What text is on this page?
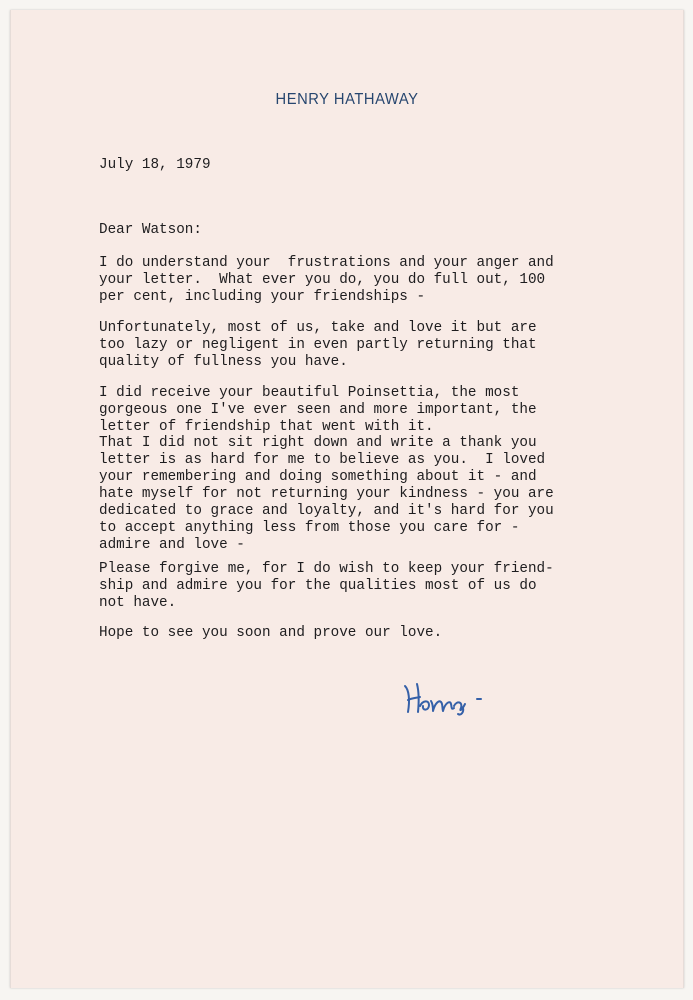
HENRY HATHAWAY

July 18, 1979

Dear Watson:

I do understand your  frustrations and your anger and
your letter.  What ever you do, you do full out, 100
per cent, including your friendships -

Unfortunately, most of us, take and love it but are
too lazy or negligent in even partly returning that
quality of fullness you have.

I did receive your beautiful Poinsettia, the most
gorgeous one I've ever seen and more important, the
letter of friendship that went with it.

That I did not sit right down and write a thank you
letter is as hard for me to believe as you.  I loved
your remembering and doing something about it - and
hate myself for not returning your kindness - you are
dedicated to grace and loyalty, and it's hard for you
to accept anything less from those you care for -
admire and love -

Please forgive me, for I do wish to keep your friend-
ship and admire you for the qualities most of us do
not have.

Hope to see you soon and prove our love.
